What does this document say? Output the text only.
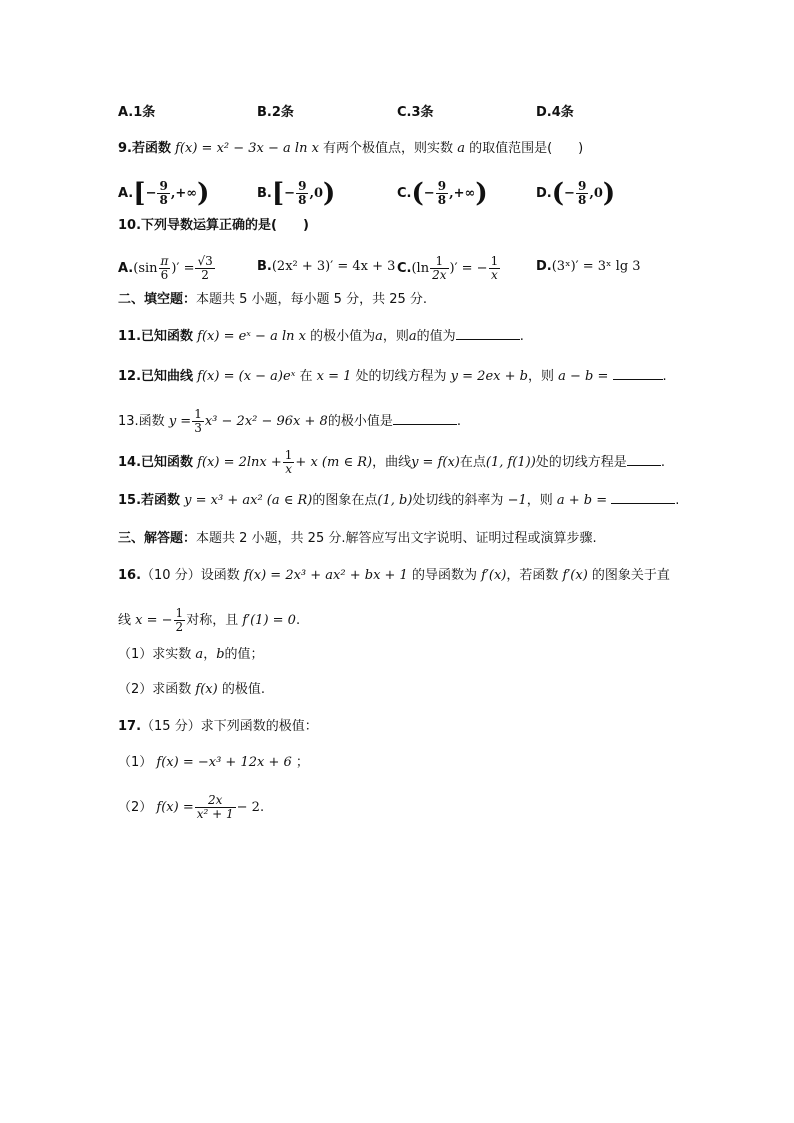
A.1条	B.2条	C.3条	D.4条
9.若函数 f(x) = x² − 3x − a ln x 有两个极值点，则实数 a 的取值范围是(　　)
$A.[- \frac{9}{8}$ ,+∞)	$B.[- \frac{9}{8} ,0)$	$C.(- \frac{9}{8}$ ,+∞)	$D.(- \frac{9}{8} ,0)$
10.下列导数运算正确的是(　　)
$A.(\sin \frac{\pi}{6}$ )′ = $\frac{√3}{2}$	B.(2x² + 3)′ = 4x + 3 $C.(\ln \frac{1}{2x}$ )′ = − $\frac{1}{x}$	D.(3ˣ)′ = 3ˣ lg 3
二、填空题：本题共 5 小题，每小题 5 分，共 25 分.
11.已知函数 f(x) = eˣ − a ln x 的极小值为a，则a的值为	.
12.已知曲线 f(x) = (x − a)eˣ 在 x = 1 处的切线方程为 y = 2ex + b，则 a − b =	.
13.函数 $y = \frac{1}{3} x^3 - 2x^2 - 96x + 8$的极小值是	.
14.已知函数 $f(x) = 2\ln x + \frac{1}{x} + x$ (m ∈ R)，曲线y = f(x)在点(1, f(1))处的切线方程是	.
15.若函数 y = x³ + ax² (a ∈ R)的图象在点(1, b)处切线的斜率为 −1，则 a + b =	.
三、解答题：本题共 2 小题，共 25 分.解答应写出文字说明、证明过程或演算步骤.
16.（10 分）设函数 f(x) = 2x³ + ax² + bx + 1 的导函数为 f′(x)，若函数 f′(x) 的图象关于直
线 x = − $\frac{1}{2}$ 对称，且 f′(1) = 0.
（1）求实数 a，b的值；
（2）求函数 f(x) 的极值.
17.（15 分）求下列函数的极值：
（1） f(x) = −x³ + 12x + 6 ；
（2） $f(x) = \frac{2x}{\text{x² + 1}} - 2$.
